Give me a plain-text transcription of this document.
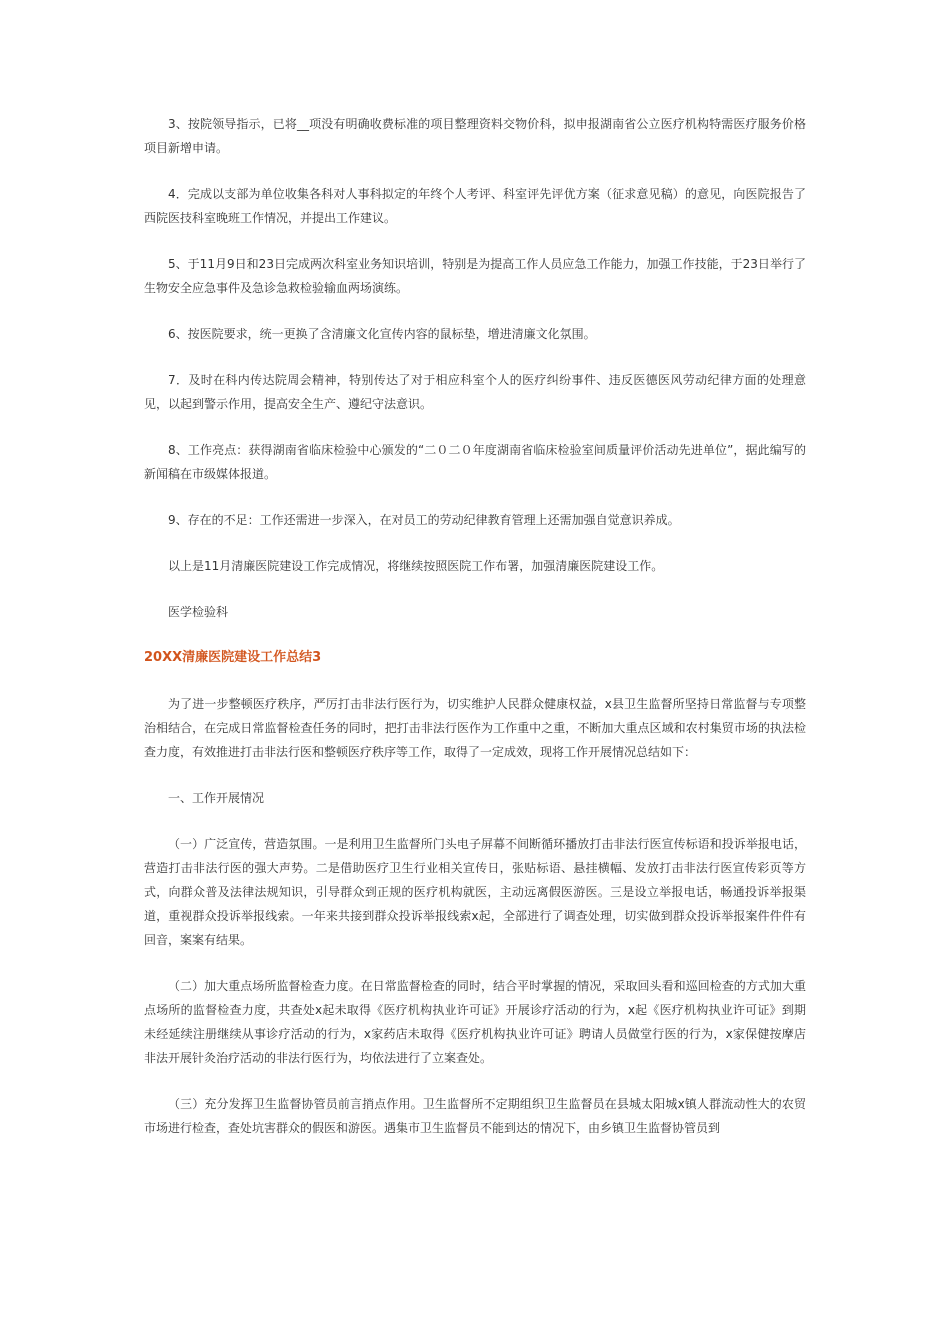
3、按院领导指示，已将__项没有明确收费标准的项目整理资料交物价科，拟申报湖南省公立医疗机构特需医疗服务价格项目新增申请。

4．完成以支部为单位收集各科对人事科拟定的年终个人考评、科室评先评优方案（征求意见稿）的意见，向医院报告了西院医技科室晚班工作情况，并提出工作建议。

5、于11月9日和23日完成两次科室业务知识培训，特别是为提高工作人员应急工作能力，加强工作技能，于23日举行了生物安全应急事件及急诊急救检验输血两场演练。

6、按医院要求，统一更换了含清廉文化宣传内容的鼠标垫，增进清廉文化氛围。

7．及时在科内传达院周会精神，特别传达了对于相应科室个人的医疗纠纷事件、违反医德医风劳动纪律方面的处理意见，以起到警示作用，提高安全生产、遵纪守法意识。

8、工作亮点：获得湖南省临床检验中心颁发的“二０二０年度湖南省临床检验室间质量评价活动先进单位”，据此编写的新闻稿在市级媒体报道。

9、存在的不足：工作还需进一步深入，在对员工的劳动纪律教育管理上还需加强自觉意识养成。

以上是11月清廉医院建设工作完成情况，将继续按照医院工作布署，加强清廉医院建设工作。

医学检验科

20XX清廉医院建设工作总结3

为了进一步整顿医疗秩序，严厉打击非法行医行为，切实维护人民群众健康权益，x县卫生监督所坚持日常监督与专项整治相结合，在完成日常监督检查任务的同时，把打击非法行医作为工作重中之重，不断加大重点区域和农村集贸市场的执法检查力度，有效推进打击非法行医和整顿医疗秩序等工作，取得了一定成效，现将工作开展情况总结如下：

一、工作开展情况

（一）广泛宣传，营造氛围。一是利用卫生监督所门头电子屏幕不间断循环播放打击非法行医宣传标语和投诉举报电话，营造打击非法行医的强大声势。二是借助医疗卫生行业相关宣传日，张贴标语、悬挂横幅、发放打击非法行医宣传彩页等方式，向群众普及法律法规知识，引导群众到正规的医疗机构就医，主动远离假医游医。三是设立举报电话，畅通投诉举报渠道，重视群众投诉举报线索。一年来共接到群众投诉举报线索x起，全部进行了调查处理，切实做到群众投诉举报案件件件有回音，案案有结果。

（二）加大重点场所监督检查力度。在日常监督检查的同时，结合平时掌握的情况，采取回头看和巡回检查的方式加大重点场所的监督检查力度，共查处x起未取得《医疗机构执业许可证》开展诊疗活动的行为，x起《医疗机构执业许可证》到期未经延续注册继续从事诊疗活动的行为，x家药店未取得《医疗机构执业许可证》聘请人员做堂行医的行为，x家保健按摩店非法开展针灸治疗活动的非法行医行为，均依法进行了立案查处。

（三）充分发挥卫生监督协管员前言捎点作用。卫生监督所不定期组织卫生监督员在县城太阳城x镇人群流动性大的农贸市场进行检查，查处坑害群众的假医和游医。遇集市卫生监督员不能到达的情况下，由乡镇卫生监督协管员到
